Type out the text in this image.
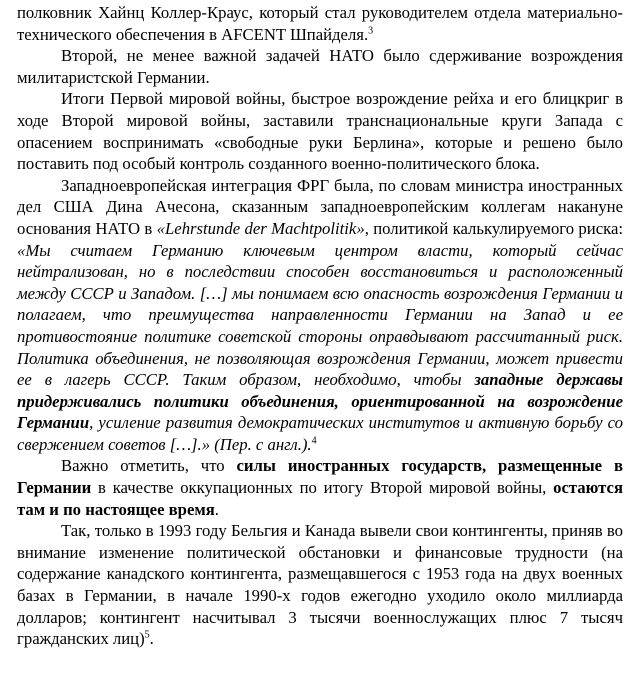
полковник Хайнц Коллер-Краус, который стал руководителем отдела материально-технического обеспечения в AFCENT Шпайделя.$^3$

Второй, не менее важной задачей НАТО было сдерживание возрождения милитаристской Германии.

Итоги Первой мировой войны, быстрое возрождение рейха и его блицкриг в ходе Второй мировой войны, заставили транснациональные круги Запада с опасением воспринимать «свободные руки Берлина», которые и решено было поставить под особый контроль созданного военно-политического блока.

Западноевропейская интеграция ФРГ была, по словам министра иностранных дел США Дина Ачесона, сказанным западноевропейским коллегам накануне основания НАТО в «Lehrstunde der Machtpolitik», политикой калькулируемого риска: «Мы считаем Германию ключевым центром власти, который сейчас нейтрализован, но в последствии способен восстановиться и расположенный между СССР и Западом. […] мы понимаем всю опасность возрождения Германии и полагаем, что преимущества направленности Германии на Запад и ее противостояние политике советской стороны оправдывают рассчитанный риск. Политика объединения, не позволяющая возрождения Германии, может привести ее в лагерь СССР. Таким образом, необходимо, чтобы западные державы придерживались политики объединения, ориентированной на возрождение Германии, усиление развития демократических институтов и активную борьбу со свержением советов […].» (Пер. с англ.).$^4$

Важно отметить, что силы иностранных государств, размещенные в Германии в качестве оккупационных по итогу Второй мировой войны, остаются там и по настоящее время.

Так, только в 1993 году Бельгия и Канада вывели свои контингенты, приняв во внимание изменение политической обстановки и финансовые трудности (на содержание канадского контингента, размещавшегося с 1953 года на двух военных базах в Германии, в начале 1990-х годов ежегодно уходило около миллиарда долларов; контингент насчитывал 3 тысячи военнослужащих плюс 7 тысяч гражданских лиц)$^5$.
